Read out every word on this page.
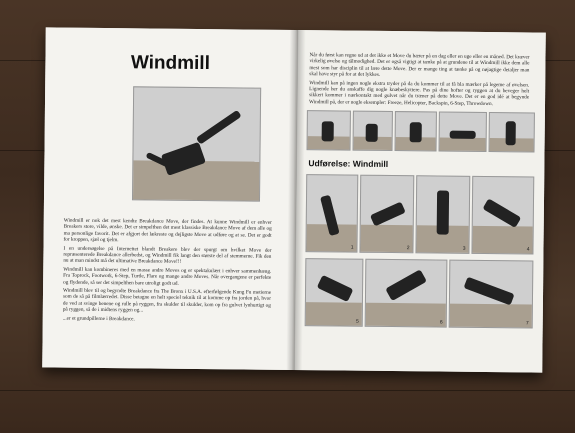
Windmill

Windmill er nok det mest kendte Breakdance Move, der findes. At kunne Windmill er enhver Breakers store, vilde, ønske. Det er simpelthen det mest klassiske Breakdance Move af dem alle og ma personlige favorit. Det er afgjort det lækreste og dejligste Move at udføre og at se. Det er godt for kroppen, sjæl og tjelm.

I en undersøgelse på Internettet blandt Breakere blev der spurgt om hvilket Move der repræsenterede Breakdance allerbedst, og Windmill fik langt den største del af stemmerne. Fik den nu at man mindst må det ultimative Breakdance Move!!!

Windmill kan kombineres med en masse andre Moves og er spektakulært i enhver sammenhæng. Fra Toprock, Footwork, 6-Step, Turtle, Flare og mange andre Moves. Når overgangene er perfekte og flydende, så ser det simpelthen bare utroligt godt ud.

Windmill blev til og begyndte Breakdance fra The Bronx i U.S.A. efterfølgende Kung Fu metierne som de så på filmlærredet. Disse betagne en helt speciel teknik til at komme op fra jorden på, hvor de ved at svinge benene og rulle på ryggen, fra skulder til skulder, kom op fra gulvet lynhurtigt og på ryggen, så de i midtens ryggen og...

...er et grundpillerne i Breakdance.

Når du først kan regne ud at det ikke et Move du bærer på en dag eller en uge eller en måned. Det kræver virkelig øvelse og tålmodighed. Det er også vigtigt at tænke på at grundene til at Windmill ikke dem alle mest som har disciplin til at lære dette Move. Der er mange ting at tænke på og nøjagtige detaljer man skal have styr på for at det lykkes.

Windmill kan på ingen nogle ekstra tryder på da du kommer til at få bla mærker på legeme af øvelsen. Lignende her du anskaffe dig nogle knæbeskyttere. Pas på dine hofter og ryggen at du beveger helt sikkert kommer i nærkontakt med gulvet når du træner på dette Move. Det er en god idé at begynde Windmill på, der er nogle eksempler: Freeze, Helicopter, Backspin, 6-Step, Throwdown.

Udførelse: Windmill
1	2	3	4
5	6	7
